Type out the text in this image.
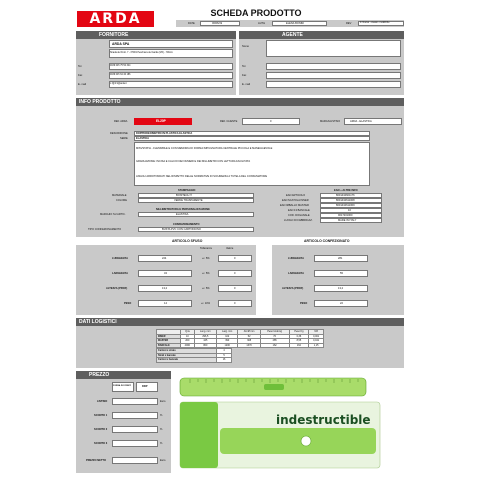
ARDA	SCHEDA PRODOTTO
DATE	06/06/19	AUTH	ELENA BONINI	REV	0. Nuovo - creato - modifiche
FORNITORE	AGENTE
ARDA SPA
Strada del Frutt. 7 - 37019 Peschiera del Garda (VR) - ITALIA
Tel.	0039 045 75 50 344
Fax	0039 045 64 40 186
E- mail	c.f@2.9@arda.it
Nome
Tel.
Fax
E- mail
INFO PRODOTTO
REF. ARDA	EL20P	REF. CLIENTE	0	MARCA/LISTINO	ARDA - ELASTIKA
DESCRIZIONE	DOPPIODECIMETRO IN PLASTICA ELASTICA
SERIE	ELASTIKA
MISVSTATIA - FLESSIBILE E CON MEMORIA DI FORMA IMPUGNATURA CENTRALE PICCOLA E MANEGGEVOLE
GRADUAZIONE: INCISA E CALCIO DEI NUMERI E DEI MILLIMETRI CON LETTURA FACILITATA
ANGOLI ARROTONDATI NEL RISPETTO DELLE NORMATIVE DI SICUREZZA A TUTELA DEL CONSUMATORE
STAMPAGGIO
MATERIALE	BONITECH ®
COLORE	VERDE TRASPARENTE
NILLIMETRATURA E PERSONALIZZAZIONE
MARCHIO SU ARTIC.	ELASTIKA
CONFEZIONAMENTO
TIPO CONFEZIONAMENTO	BUSTA PVC CON CARTONCINO
EAN + ALTRE INFO
EAN ARTICOLO	8001434601176
EAN SCATOLA INNER	8001434611008
EAN IMBALLO MASTER	8001434611009
EAN 13 BANCALE	10
COD. DOGANALE	9017201000
LUOGO DI FABBRICAZ.	MADE IN ITALY
ARTICOLO SFUSO
Tolleranza	Valore
LUNGHEZZA	224	+/- 5%	0
LARGHEZZA	34	+/- 5%	0
ALTEZZA (PROF)	13,2	+/- 5%	0
PESO	14	+/- 10%	0
ARTICOLO CONFEZIONATO
LUNGHEZZA	281
LARGHEZZA	55
ALTEZZA (PROF)	13,2
PESO	22
DATI LOGISTICI
	Q.tà	Lung. mm	Larg. mm	Alt./Ø mm	Peso lordo kg	Peso Kg	M3
INNER	10	296,5	102	52	70	0,36	0,001
MASTER	200	445	390	308	285	8,55	0,041
BANCALE	4000	800	1200	1370	162	164	1,15
Cartoni x strato	4
Strati x bancale	5
Cartoni x bancale	16
PREZZO
FORMA DI FORNIT.	DDP
LISTINO	Euro
SCONTO 1	%
SCONTO 2	%
SCONTO 3	%
PREZZO NETTO	Euro
indestructible
